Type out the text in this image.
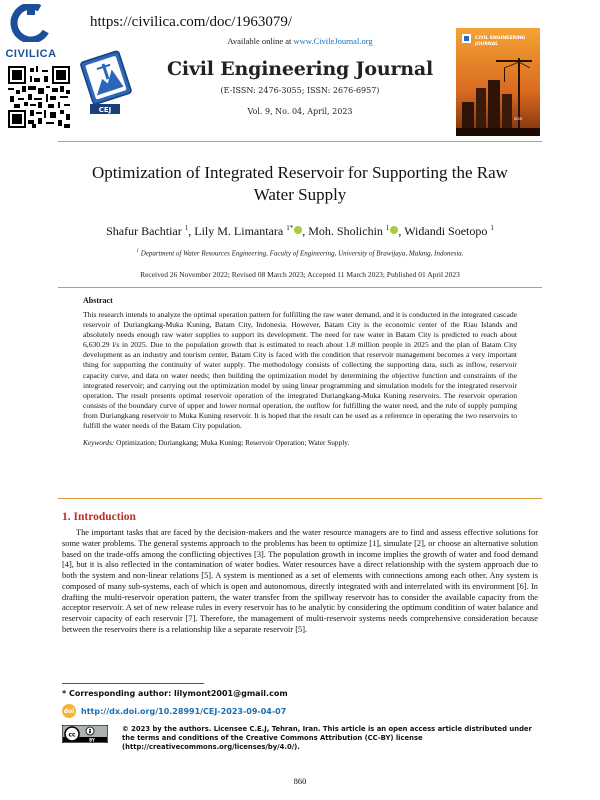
CIVILICA
https://civilica.com/doc/1963079/
CEJ
Available online at www.CivileJournal.org
Civil Engineering Journal
(E-ISSN: 2476-3055; ISSN: 2676-6957)
Vol. 9, No. 04, April, 2023
CIVIL ENGINEERING
JOURNAL
ISSN
Optimization of Integrated Reservoir for Supporting the Raw Water Supply
Shafur Bachtiar $^1$, Lily M. Limantara $^{1*}$ , Moh. Sholichin $^1$ , Widandi Soetopo $^1$
$^1$ Department of Water Resources Engineering, Faculty of Engineering, University of Brawijaya, Malang, Indonesia.
Received 26 November 2022; Revised 08 March 2023; Accepted 11 March 2023; Published 01 April 2023
Abstract
This research intends to analyze the optimal operation pattern for fulfilling the raw water demand, and it is conducted in the integrated cascade reservoir of Duriangkang-Muka Kuning, Batam City, Indonesia. However, Batam City is the economic center of the Riau Islands and absolutely needs enough raw water supplies to support its development. The need for raw water in Batam City is predicted to reach about 6,630.29 l/s in 2025. Due to the population growth that is estimated to reach about 1.8 million people in 2025 and the plan of Batam City development as an industry and tourism center, Batam City is faced with the condition that reservoir management becomes a very important thing for supporting the continuity of water supply. The methodology consists of collecting the supporting data, such as inflow, reservoir capacity curve, and data on water needs; then building the optimization model by determining the objective function and constraints of the integrated reservoir; and carrying out the optimization model by using linear programming and simulation models for the integrated reservoir operation. The result presents optimal reservoir operation of the integrated Duriangkang-Muka Kuning reservoirs. The reservoir operation consists of the boundary curve of upper and lower normal operation, the outflow for fulfilling the water need, and the rule of supply pumping from Duriangkang reservoir to Muka Kuning reservoir. It is hoped that the result can be used as a reference in operating the two reservoirs to fulfill the water needs of the Batam City population.
Keywords: Optimization; Duriangkang; Muka Kuning; Reservoir Operation; Water Supply.
1. Introduction
The important tasks that are faced by the decision-makers and the water resource managers are to find and assess effective solutions for some water problems. The general systems approach to the problems has been to optimize [1], simulate [2], or choose an alternative solution based on the trade-offs among the conflicting objectives [3]. The population growth in income implies the growth of water and food demand [4], but it is also reflected in the contamination of water bodies. Water resources have a direct relationship with the system approach due to both the system and non-linear relations [5]. A system is mentioned as a set of elements with connections among each other. Any system is composed of many sub-systems, each of which is open and autonomous, directly integrated with and interrelated with its environment [6]. In drafting the multi-reservoir operation pattern, the water transfer from the spillway reservoir has to consider the available capacity from the acceptor reservoir. A set of new release rules in every reservoir has to be analytic by considering the optimum condition of water balance and reservoir capacity of each reservoir [7]. Therefore, the management of multi-reservoir systems needs comprehensive consideration because between the reservoirs there is a relationship like a separate reservoir [5].
* Corresponding author: lilymont2001@gmail.com
doi http://dx.doi.org/10.28991/CEJ-2023-09-04-07
cc
BY
© 2023 by the authors. Licensee C.E.J, Tehran, Iran. This article is an open access article distributed under the terms and conditions of the Creative Commons Attribution (CC-BY) license (http://creativecommons.org/licenses/by/4.0/).
860
